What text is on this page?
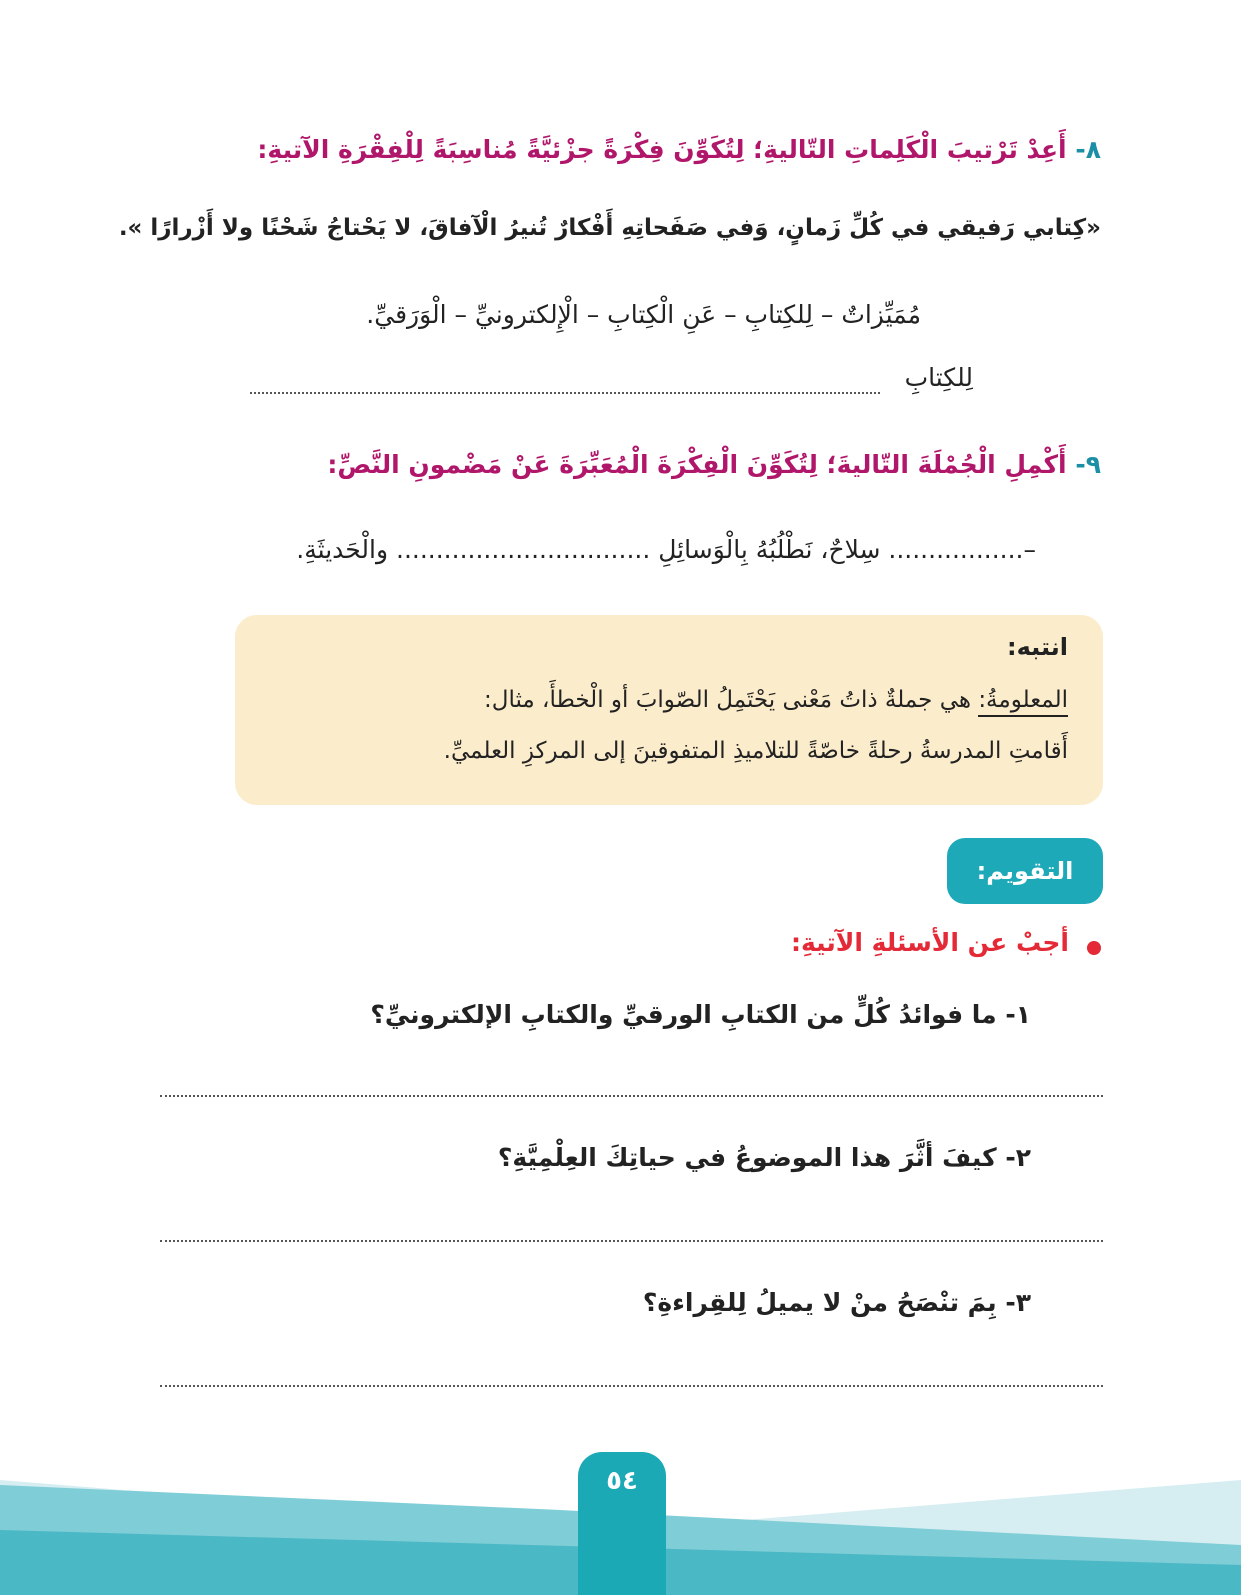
٨- أَعِدْ تَرْتيبَ الْكَلِماتِ التّاليةِ؛ لِتُكَوِّنَ فِكْرَةً جزْئيَّةً مُناسِبَةً لِلْفِقْرَةِ الآتيةِ:
«كِتابي رَفيقي في كُلِّ زَمانٍ، وَفي صَفَحاتِهِ أَفْكارٌ تُنيرُ الْآفاقَ، لا يَحْتاجُ شَحْنًا ولا أَزْرارًا ».
مُمَيِّزاتٌ – لِلكِتابِ – عَنِ الْكِتابِ – الْإِلكترونيِّ – الْوَرَقيِّ.
لِلكِتابِ
٩- أَكْمِلِ الْجُمْلَةَ التّاليةَ؛ لِتُكَوِّنَ الْفِكْرَةَ الْمُعَبِّرَةَ عَنْ مَضْمونِ النَّصِّ:
–................. سِلاحٌ، نَطْلُبُهُ بِالْوَسائِلِ ................................ والْحَديثَةِ.
انتبه:
المعلومةُ: هي جملةٌ ذاتُ مَعْنى يَحْتَمِلُ الصّوابَ أو الْخطأَ، مثال:
أَقامتِ المدرسةُ رحلةً خاصّةً للتلاميذِ المتفوقينَ إلى المركزِ العلميِّ.
التقويم:
أجبْ عن الأسئلةِ الآتيةِ:
١- ما فوائدُ كُلٍّ من الكتابِ الورقيِّ والكتابِ الإلكترونيِّ؟
٢- كيفَ أثَّرَ هذا الموضوعُ في حياتِكَ العِلْمِيَّةِ؟
٣- بِمَ تنْصَحُ منْ لا يميلُ لِلقِراءةِ؟
٥٤
